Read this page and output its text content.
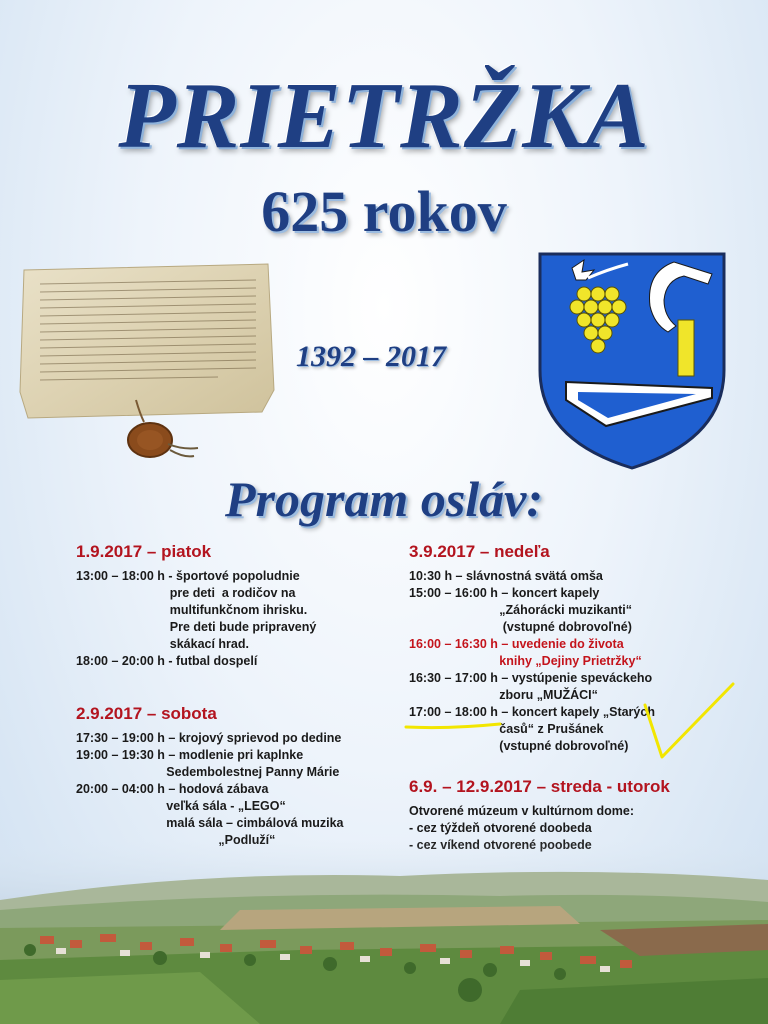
PRIETRŽKA
625 rokov
1392 – 2017
Program osláv:
1.9.2017 – piatok
13:00 – 18:00 h - športové popoludnie
pre deti  a rodičov na
multifunkčnom ihrisku.
Pre deti bude pripravený
skákací hrad.
18:00 – 20:00 h - futbal dospelí
2.9.2017 – sobota
17:30 – 19:00 h – krojový sprievod po dedine
19:00 – 19:30 h – modlenie pri kaplnke
Sedembolestnej Panny Márie
20:00 – 04:00 h – hodová zábava
veľká sála - „LEGO“
malá sála – cimbálová muzika
3.9.2017 – nedeľa
10:30 h – slávnostná svätá omša
15:00 – 16:00 h – koncert kapely
„Záhorácki muzikanti“
(vstupné dobrovoľné)
16:00 – 16:30 h – uvedenie do života
knihy „Dejiny Prietržky“
16:30 – 17:00 h – vystúpenie speváckeho
zboru „MUŽÁCI“
17:00 – 18:00 h – koncert kapely „Starých
časů“ z Prušánek
(vstupné dobrovoľné)
6.9. – 12.9.2017 – streda - utorok
Otvorené múzeum v kultúrnom dome:
- cez týždeň otvorené doobeda
